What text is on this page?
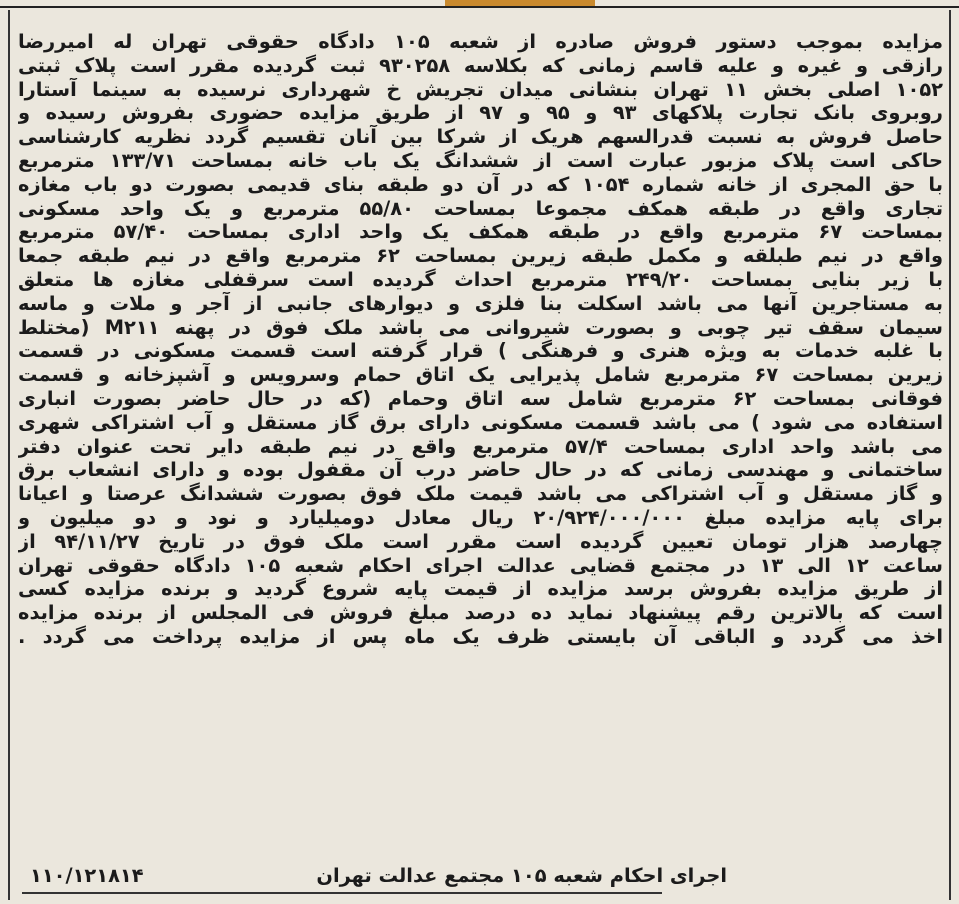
مزایده بموجب دستور فروش صادره از شعبه ۱۰۵ دادگاه حقوقی تهران له امیررضا
رازقی و غیره و علیه قاسم زمانی که بکلاسه ۹۳۰۲۵۸ ثبت گردیده مقرر است پلاک ثبتی
۱۰۵۲ اصلی بخش ۱۱ تهران بنشانی میدان تجریش خ شهرداری نرسیده به سینما آستارا
روبروی بانک تجارت پلاکهای ۹۳ و ۹۵ و ۹۷ از طریق مزایده حضوری بفروش رسیده و
حاصل فروش به نسبت قدرالسهم هریک از شرکا بین آنان تقسیم گردد نظریه کارشناسی
حاکی است پلاک مزبور عبارت است از ششدانگ یک باب خانه بمساحت ۱۳۳/۷۱ مترمربع
با حق المجری از خانه شماره ۱۰۵۴ که در آن دو طبقه بنای قدیمی بصورت دو باب مغازه
تجاری واقع در طبقه همکف مجموعا بمساحت ۵۵/۸۰ مترمربع و یک واحد مسکونی
بمساحت ۶۷ مترمربع واقع در طبقه همکف یک واحد اداری بمساحت ۵۷/۴۰ مترمربع
واقع در نیم طبلقه و مکمل طبقه زیرین بمساحت ۶۲ مترمربع واقع در نیم طبقه جمعا
با زیر بنایی بمساحت ۲۴۹/۲۰ مترمربع احداث گردیده است سرقفلی مغازه ها متعلق
به مستاجرین آنها می باشد اسکلت بنا فلزی و دیوارهای جانبی از آجر و ملات و ماسه
سیمان سقف تیر چوبی و بصورت شیروانی می باشد ملک فوق در پهنه M۲۱۱ (مختلط
با غلبه خدمات به ویژه هنری و فرهنگی ) قرار گرفته است قسمت مسکونی در قسمت
زیرین بمساحت ۶۷ مترمربع شامل پذیرایی یک اتاق حمام وسرویس و آشپزخانه و قسمت
فوقانی بمساحت ۶۲ مترمربع شامل سه اتاق وحمام (که در حال حاضر بصورت انباری
استفاده می شود ) می باشد قسمت مسکونی دارای برق گاز مستقل و آب اشتراکی شهری
می باشد واحد اداری بمساحت ۵۷/۴ مترمربع واقع در نیم طبقه دایر تحت عنوان دفتر
ساختمانی و مهندسی زمانی که در حال حاضر درب آن مقفول بوده و دارای انشعاب برق
و گاز مستقل و آب اشتراکی می باشد قیمت ملک فوق بصورت ششدانگ عرصتا و اعیانا
برای پایه مزایده مبلغ ۲۰/۹۲۴/۰۰۰/۰۰۰ ریال معادل دومیلیارد و نود و دو میلیون و
چهارصد هزار تومان تعیین گردیده است مقرر است ملک فوق در تاریخ ۹۴/۱۱/۲۷ از
ساعت ۱۲ الی ۱۳ در مجتمع قضایی عدالت اجرای احکام شعبه ۱۰۵ دادگاه حقوقی تهران
از طریق مزایده بفروش برسد مزایده از قیمت پایه شروع گردید و برنده مزایده کسی
است که بالاترین رقم پیشنهاد نماید ده درصد مبلغ فروش فی المجلس از برنده مزایده
اخذ می گردد و الباقی آن بایستی ظرف یک ماه پس از مزایده پرداخت می گردد .
اجرای احکام شعبه ۱۰۵ مجتمع عدالت تهران
۱۱۰/۱۲۱۸۱۴
